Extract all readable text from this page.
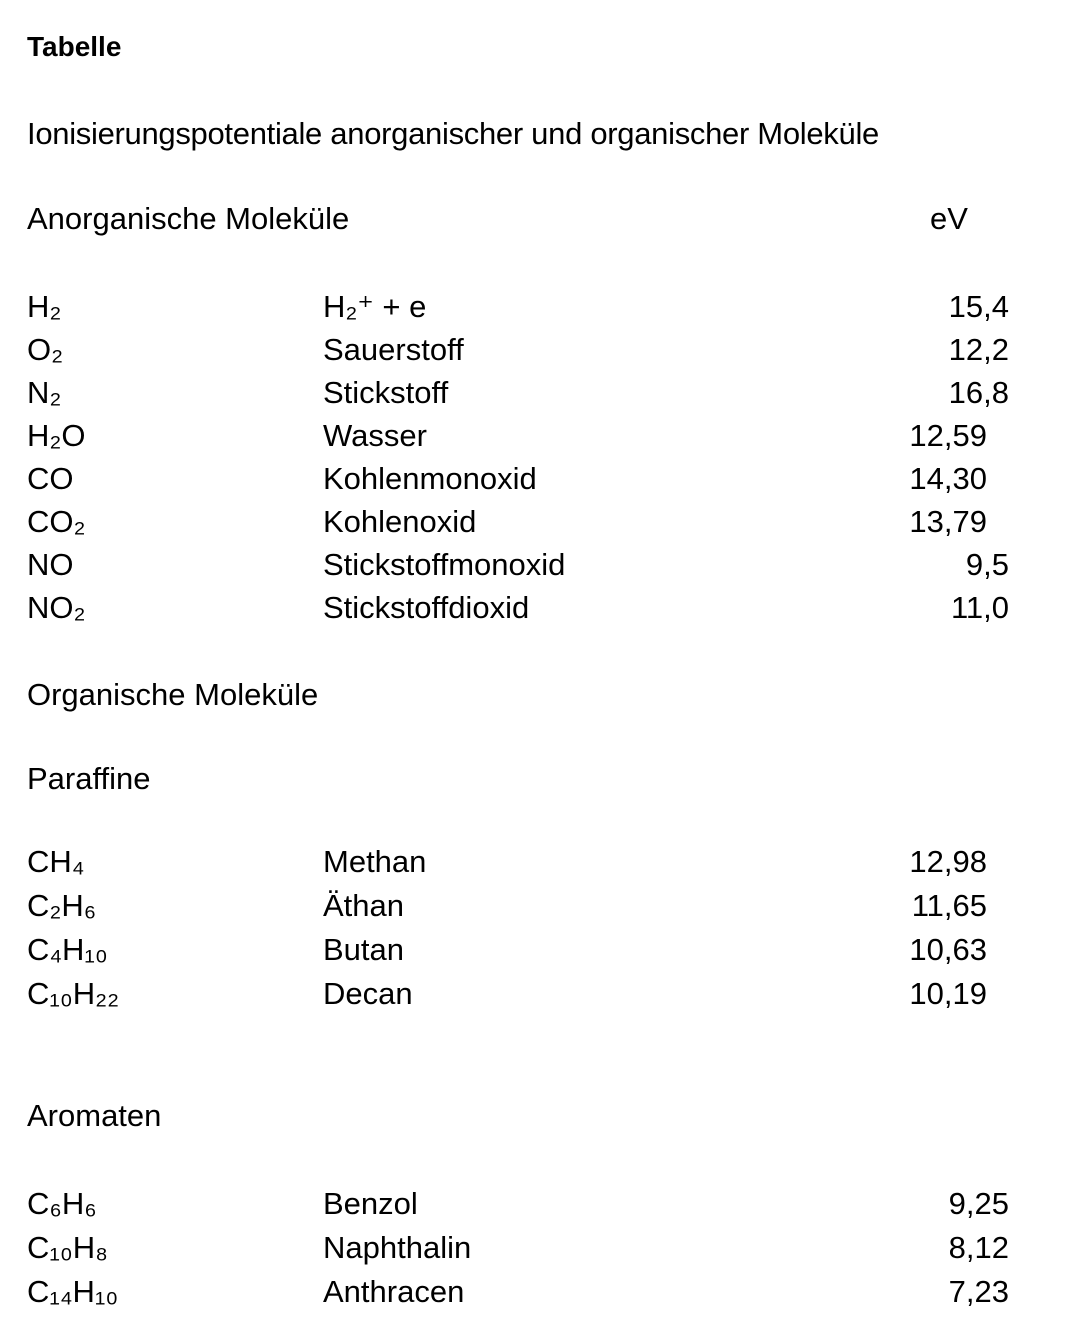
Tabelle
Ionisierungspotentiale anorganischer und organischer Moleküle
Anorganische Moleküle	eV
H₂	H₂⁺ + e	15,4
O₂	Sauerstoff	12,2
N₂	Stickstoff	16,8
H₂O	Wasser	12,59
CO	Kohlenmonoxid	14,30
CO₂	Kohlenoxid	13,79
NO	Stickstoffmonoxid	9,5
NO₂	Stickstoffdioxid	11,0
Organische Moleküle
Paraffine
CH₄	Methan	12,98
C₂H₆	Äthan	11,65
C₄H₁₀	Butan	10,63
C₁₀H₂₂	Decan	10,19
Aromaten
C₆H₆	Benzol	9,25
C₁₀H₈	Naphthalin	8,12
C₁₄H₁₀	Anthracen	7,23
